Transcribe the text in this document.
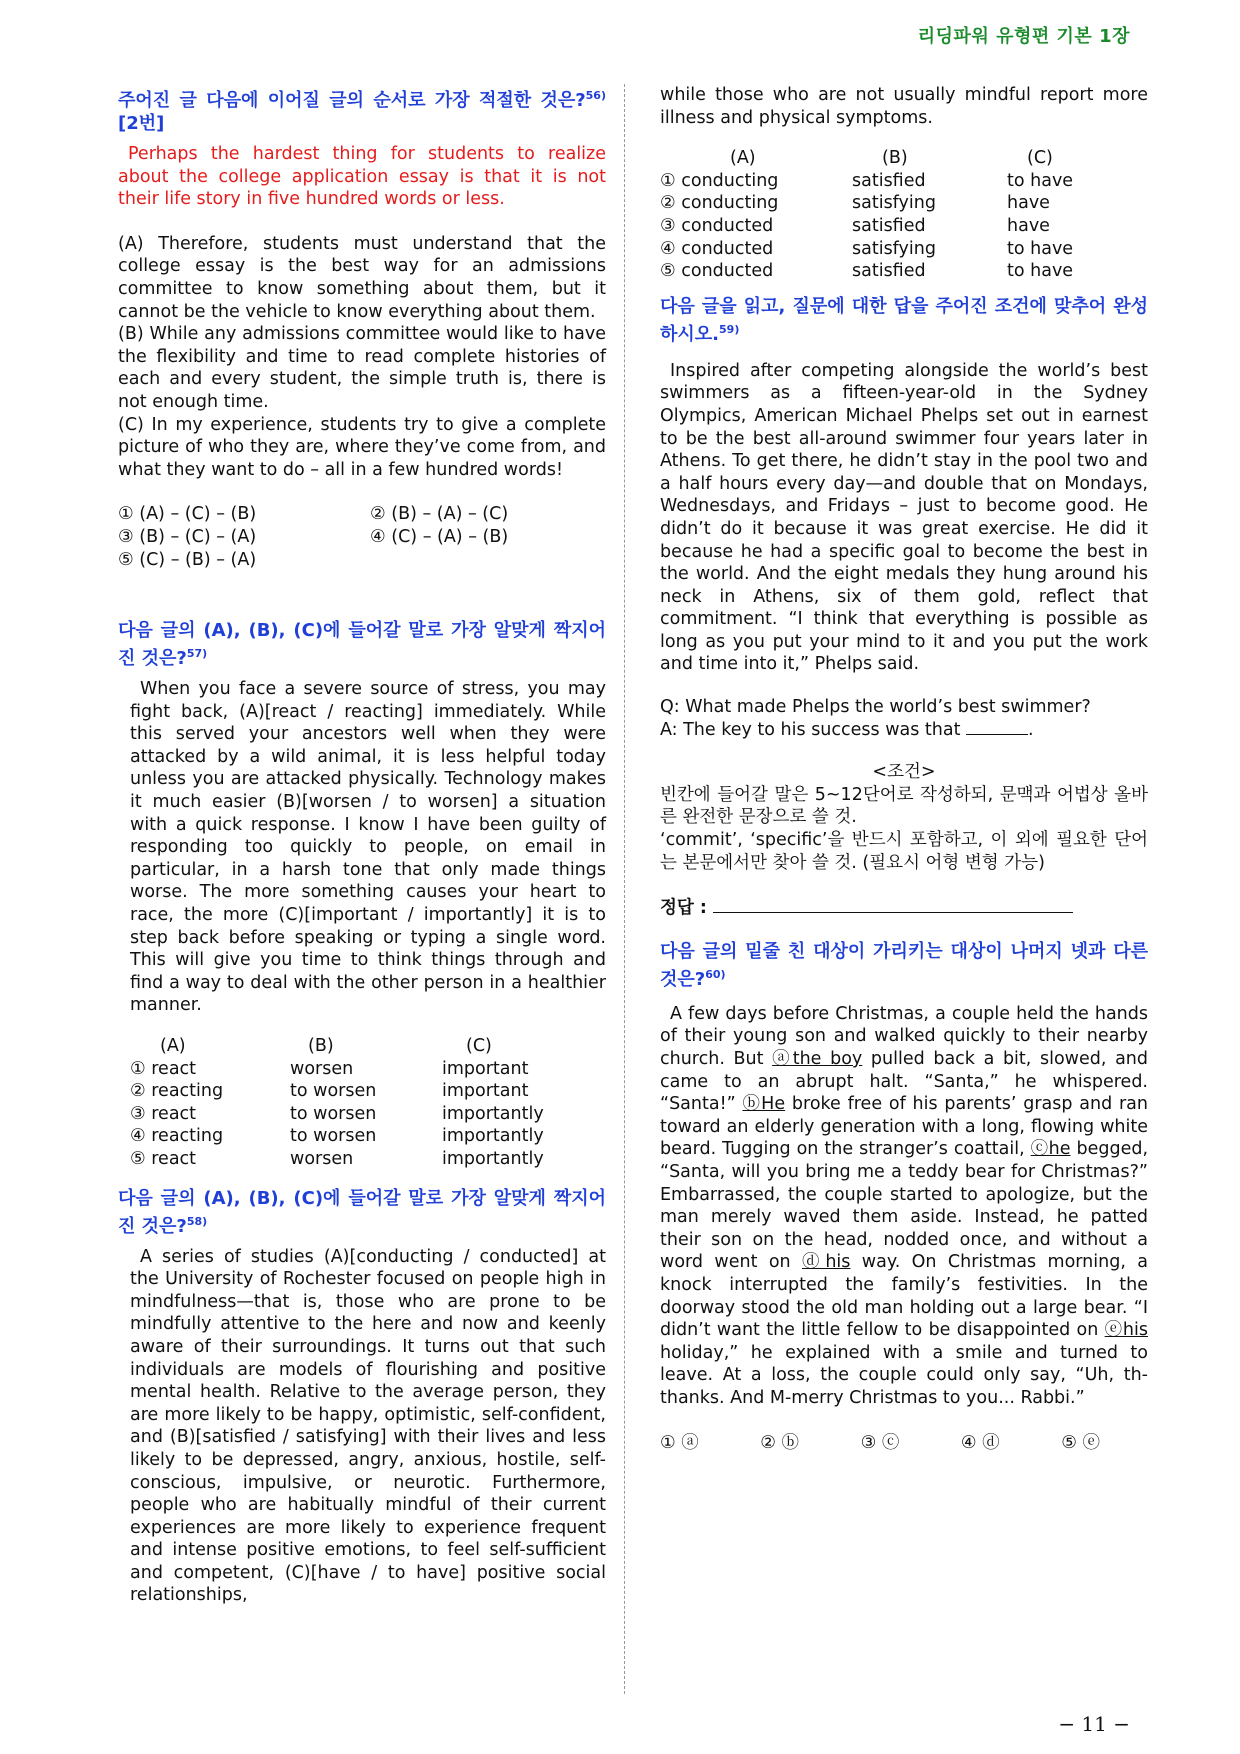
리딩파워 유형편 기본 1장

주어진 글 다음에 이어질 글의 순서로 가장 적절한 것은?$^{56)}$ [2번]

Perhaps the hardest thing for students to realize about the college application essay is that it is not their life story in five hundred words or less.

(A) Therefore, students must understand that the college essay is the best way for an admissions committee to know something about them, but it cannot be the vehicle to know everything about them.

(B) While any admissions committee would like to have the flexibility and time to read complete histories of each and every student, the simple truth is, there is not enough time.

(C) In my experience, students try to give a complete picture of who they are, where they’ve come from, and what they want to do – all in a few hundred words!

① (A) – (C) – (B)	② (B) – (A) – (C)
③ (B) – (C) – (A)	④ (C) – (A) – (B)
⑤ (C) – (B) – (A)

다음 글의 (A), (B), (C)에 들어갈 말로 가장 알맞게 짝지어진 것은?$^{57)}$

When you face a severe source of stress, you may fight back, (A)[react / reacting] immediately. While this served your ancestors well when they were attacked by a wild animal, it is less helpful today unless you are attacked physically. Technology makes it much easier (B)[worsen / to worsen] a situation with a quick response. I know I have been guilty of responding too quickly to people, on email in particular, in a harsh tone that only made things worse. The more something causes your heart to race, the more (C)[important / importantly] it is to step back before speaking or typing a single word. This will give you time to think things through and find a way to deal with the other person in a healthier manner.

(A)	(B)	(C)
① react	worsen	important
② reacting	to worsen	important
③ react	to worsen	importantly
④ reacting	to worsen	importantly
⑤ react	worsen	importantly

다음 글의 (A), (B), (C)에 들어갈 말로 가장 알맞게 짝지어진 것은?$^{58)}$

A series of studies (A)[conducting / conducted] at the University of Rochester focused on people high in mindfulness—that is, those who are prone to be mindfully attentive to the here and now and keenly aware of their surroundings. It turns out that such individuals are models of flourishing and positive mental health. Relative to the average person, they are more likely to be happy, optimistic, self-confident, and (B)[satisfied / satisfying] with their lives and less likely to be depressed, angry, anxious, hostile, self-conscious, impulsive, or neurotic. Furthermore, people who are habitually mindful of their current experiences are more likely to experience frequent and intense positive emotions, to feel self-sufficient and competent, (C)[have / to have] positive social relationships,

while those who are not usually mindful report more illness and physical symptoms.

(A)	(B)	(C)
① conducting	satisfied	to have
② conducting	satisfying	have
③ conducted	satisfied	have
④ conducted	satisfying	to have
⑤ conducted	satisfied	to have

다음 글을 읽고, 질문에 대한 답을 주어진 조건에 맞추어 완성하시오.$^{59)}$

Inspired after competing alongside the world’s best swimmers as a fifteen-year-old in the Sydney Olympics, American Michael Phelps set out in earnest to be the best all-around swimmer four years later in Athens. To get there, he didn’t stay in the pool two and a half hours every day—and double that on Mondays, Wednesdays, and Fridays – just to become good. He didn’t do it because it was great exercise. He did it because he had a specific goal to become the best in the world. And the eight medals they hung around his neck in Athens, six of them gold, reflect that commitment. “I think that everything is possible as long as you put your mind to it and you put the work and time into it,” Phelps said.

Q: What made Phelps the world’s best swimmer?

A: The key to his success was that	.

<조건>

빈칸에 들어갈 말은 5~12단어로 작성하되, 문맥과 어법상 올바른 완전한 문장으로 쓸 것.

‘commit’, ‘specific’을 반드시 포함하고, 이 외에 필요한 단어는 본문에서만 찾아 쓸 것. (필요시 어형 변형 가능)

정답 :

다음 글의 밑줄 친 대상이 가리키는 대상이 나머지 넷과 다른 것은?$^{60)}$

A few days before Christmas, a couple held the hands of their young son and walked quickly to their nearby church. But ⓐthe boy pulled back a bit, slowed, and came to an abrupt halt. “Santa,” he whispered. “Santa!” ⓑHe broke free of his parents’ grasp and ran toward an elderly generation with a long, flowing white beard. Tugging on the stranger’s coattail, ⓒhe begged, “Santa, will you bring me a teddy bear for Christmas?” Embarrassed, the couple started to apologize, but the man merely waved them aside. Instead, he patted their son on the head, nodded once, and without a word went on ⓓhis way. On Christmas morning, a knock interrupted the family’s festivities. In the doorway stood the old man holding out a large bear. “I didn’t want the little fellow to be disappointed on ⓔhis holiday,” he explained with a smile and turned to leave. At a loss, the couple could only say, “Uh, th-thanks. And M-merry Christmas to you... Rabbi.”

① ⓐ	② ⓑ	③ ⓒ	④ ⓓ	⑤ ⓔ
− 11 −
